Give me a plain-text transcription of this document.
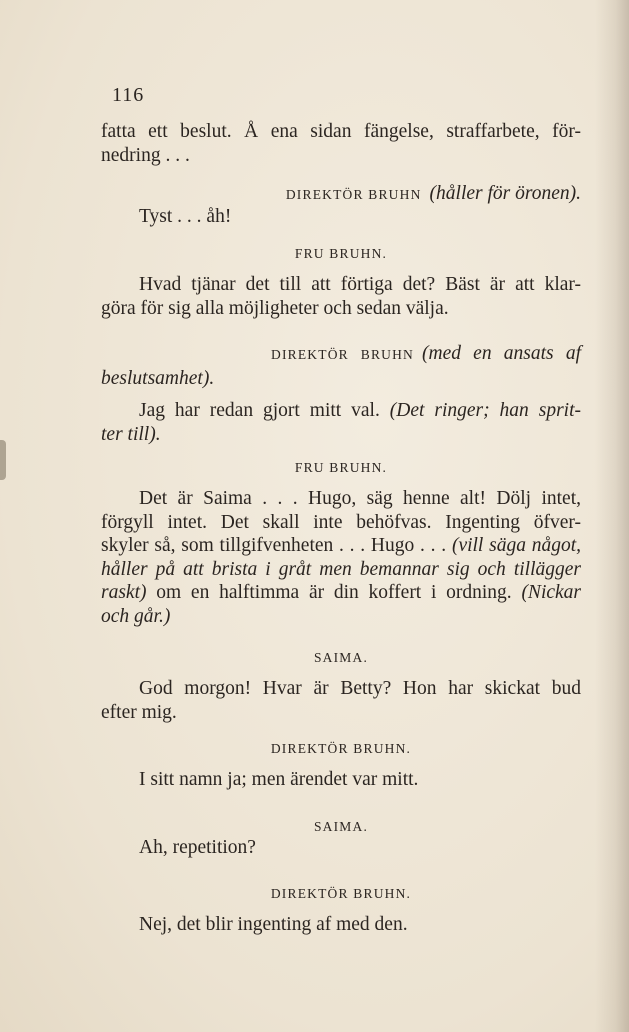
116
fatta ett beslut. Å ena sidan fängelse, straffarbete, för-
nedring . . .
DIREKTÖR BRUHN (håller för öronen).
Tyst . . . åh!
FRU BRUHN.
Hvad tjänar det till att förtiga det? Bäst är att klar-
göra för sig alla möjligheter och sedan välja.
DIREKTÖR BRUHN (med en ansats af
beslutsamhet).
Jag har redan gjort mitt val. (Det ringer; han sprit-
ter till).
FRU BRUHN.
Det är Saima . . . Hugo, säg henne alt! Dölj intet,
förgyll intet. Det skall inte behöfvas. Ingenting öfver-
skyler så, som tillgifvenheten . . . Hugo . . . (vill säga något,
håller på att brista i gråt men bemannar sig och tillägger
raskt) om en halftimma är din koffert i ordning. (Nickar
och går.)
SAIMA.
God morgon! Hvar är Betty? Hon har skickat bud
efter mig.
DIREKTÖR BRUHN.
I sitt namn ja; men ärendet var mitt.
SAIMA.
Ah, repetition?
DIREKTÖR BRUHN.
Nej, det blir ingenting af med den.
